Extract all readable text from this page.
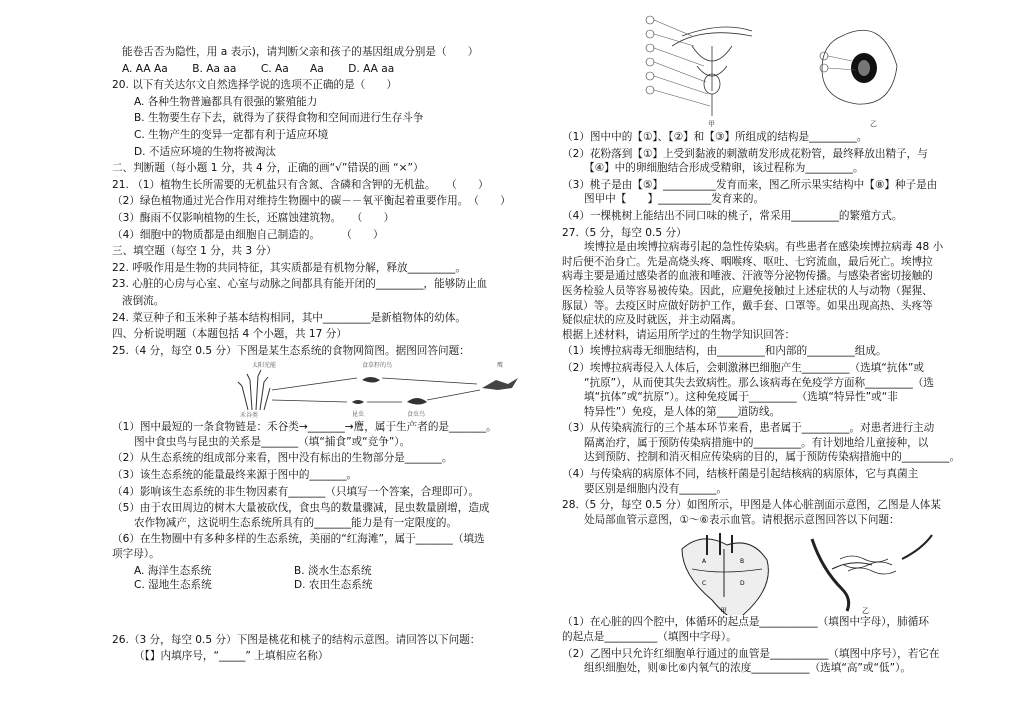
能卷舌否为隐性，用 a 表示)，请判断父亲和孩子的基因组成分别是（　　）
A. AA Aa　　 B. Aa aa　　 C. Aa　　Aa　　 D. AA aa
20. 以下有关达尔文自然选择学说的选项不正确的是（　　）
A. 各种生物普遍都具有很强的繁殖能力
B. 生物要生存下去，就得为了获得食物和空间而进行生存斗争
C. 生物产生的变异一定都有利于适应环境
D. 不适应环境的生物将被淘汰
二、判断题（每小题 1 分，共 4 分，正确的画“√”错误的画 “×”）
21. （1）植物生长所需要的无机盐只有含氮、含磷和含钾的无机盐。　　（　　）
（2）绿色植物通过光合作用对维持生物圈中的碳－－氧平衡起着重要作用。　（　　）
（3）酶雨不仅影响植物的生长，还腐蚀建筑物。　　（　　）
（4）细胞中的物质都是由细胞自己制造的。　　　（　　）
三、填空题（每空 1 分，共 3 分）
22. 呼吸作用是生物的共同特征，其实质都是有机物分解，释放_________。
23. 心脏的心房与心室、心室与动脉之间都具有能开闭的_________，能够防止血
液倒流。
24. 菜豆种子和玉米种子基本结构相同，其中_________是新植物体的幼体。
四、分析说明题（本题包括 4 个小题，共 17 分）
25.（4 分，每空 0.5 分）下图是某生态系统的食物网简图。据图回答问题：
太阳光能	食草籽的鸟	鹰
禾谷类	昆虫	食虫鸟
（1）图中最短的一条食物链是：禾谷类→_______→鹰，属于生产者的是_______。
图中食虫鸟与昆虫的关系是_______（填“捕食”或“竞争”）。
（2）从生态系统的组成部分来看，图中没有标出的生物部分是_______。
（3）该生态系统的能量最终来源于图中的_______。
（4）影响该生态系统的非生物因素有_______（只填写一个答案，合理即可）。
（5）由于农田周边的树木大量被砍伐，食虫鸟的数量骤减，昆虫数量剧增，造成
农作物减产，这说明生态系统所具有的_______能力是有一定限度的。
（6）在生物圈中有多种多样的生态系统，美丽的“红海滩”，属于_______（填选
项字母）。
A. 海洋生态系统	B. 淡水生态系统
C. 湿地生态系统	D. 农田生态系统
26.（3 分，每空 0.5 分）下图是桃花和桃子的结构示意图。请回答以下问题：
（【】内填序号，“_____” 上填相应名称）
甲	乙
（1）图中中的【①】、【②】和【③】所组成的结构是_________。
（2）花粉落到【①】上受到黏液的刺激萌发形成花粉管，最终释放出精子，与
【④】中的卵细胞结合形成受精卵，该过程称为_________。
（3）桃子是由【⑤】__________发育而来，图乙所示果实结构中【⑧】种子是由
图甲中【　　】__________发育来的。
（4）一棵桃树上能结出不同口味的桃子，常采用_________的繁殖方式。
27.（5 分，每空 0.5 分）
埃博拉是由埃博拉病毒引起的急性传染病。有些患者在感染埃博拉病毒 48 小
时后便不治身亡。先是高烧头疼、咽喉疼、呕吐、七窍流血，最后死亡。埃博拉
病毒主要是通过感染者的血液和唾液、汗液等分泌物传播。与感染者密切接触的
医务检验人员等容易被传染。因此，应避免接触过上述症状的人与动物（猩猩、
豚鼠）等。去疫区时应做好防护工作，戴手套、口罩等。如果出现高热、头疼等
疑似症状的应及时就医，并主动隔离。
根据上述材料，请运用所学过的生物学知识回答：
（1）埃博拉病毒无细胞结构，由_________和内部的_________组成。
（2）埃博拉病毒侵入人体后，会刺激淋巴细胞产生_________（选填“抗体”或
“抗原”），从而使其失去致病性。那么该病毒在免疫学方面称_________（选
填“抗体”或“抗原”）。这种免疫属于_________（选填“特异性”或“非
特异性”）免疫，是人体的第____道防线。
（3）从传染病流行的三个基本环节来看，患者属于_________。对患者进行主动
隔离治疗，属于预防传染病措施中的_________。有计划地给儿童接种，以
达到预防、控制和消灭相应传染病的目的，属于预防传染病措施中的_________。
（4）与传染病的病原体不同，结核杆菌是引起结核病的病原体，它与真菌主
要区别是细胞内没有_______。
28.（5 分，每空 0.5 分）如图所示，甲图是人体心脏剖面示意图，乙图是人体某
处局部血管示意图，①～⑥表示血管。请根据示意图回答以下问题：
A	B
C	D
甲	乙
（1）在心脏的四个腔中，体循环的起点是___________（填图中字母），肺循环
的起点是__________（填图中字母）。
（2）乙图中只允许红细胞单行通过的血管是___________（填图中序号），若它在
组织细胞处，则⑧比⑥内氧气的浓度___________（选填“高”或“低”）。
